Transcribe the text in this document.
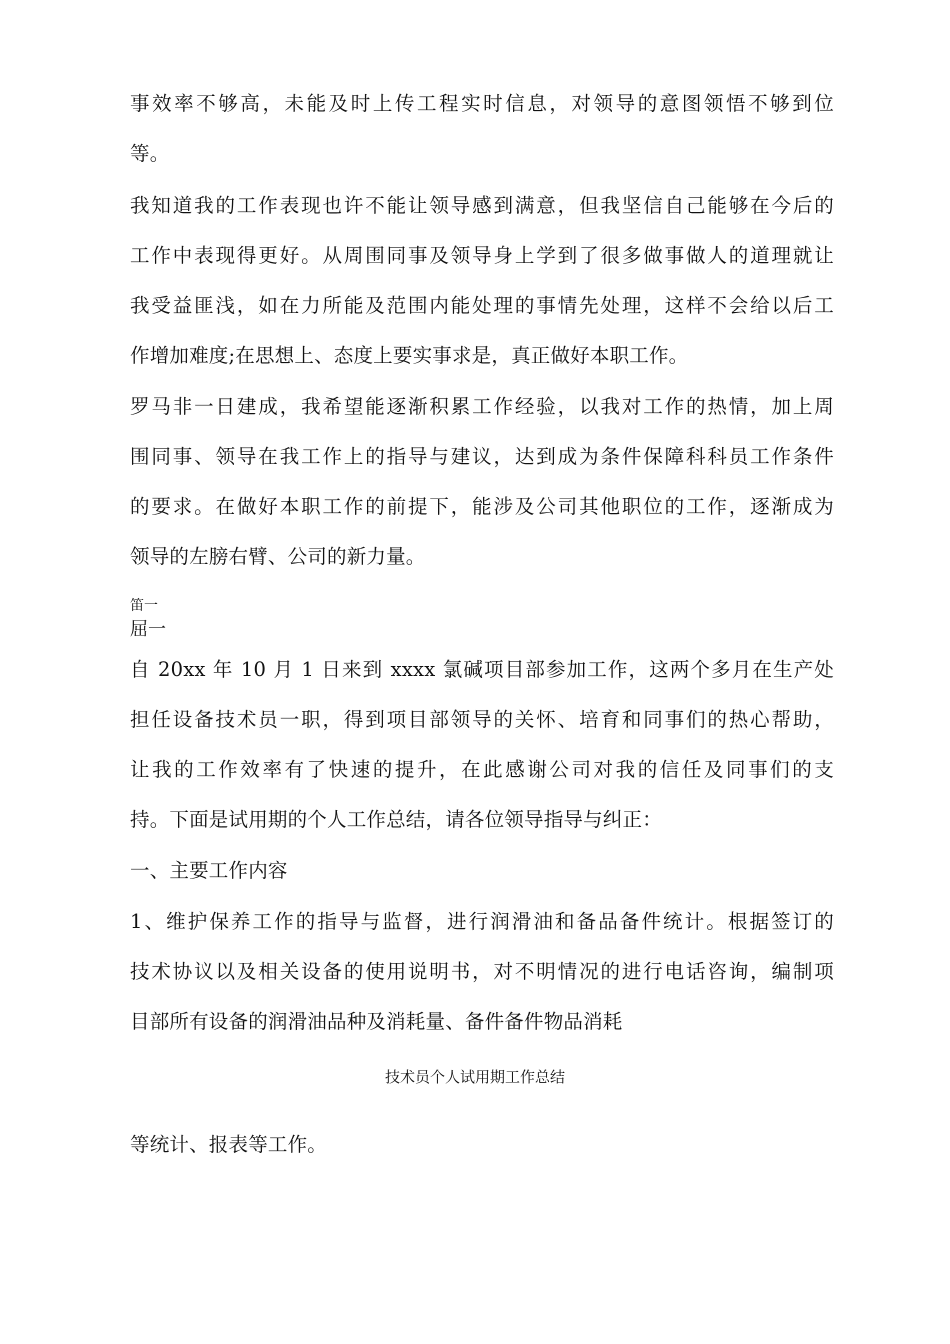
事效率不够高，未能及时上传工程实时信息，对领导的意图领悟不够到位
等。
我知道我的工作表现也许不能让领导感到满意，但我坚信自己能够在今后的
工作中表现得更好。从周围同事及领导身上学到了很多做事做人的道理就让
我受益匪浅，如在力所能及范围内能处理的事情先处理，这样不会给以后工
作增加难度;在思想上、态度上要实事求是，真正做好本职工作。
罗马非一日建成，我希望能逐渐积累工作经验，以我对工作的热情，加上周
围同事、领导在我工作上的指导与建议，达到成为条件保障科科员工作条件
的要求。在做好本职工作的前提下，能涉及公司其他职位的工作，逐渐成为
领导的左膀右臂、公司的新力量。
笛一
屈一
自 20xx 年 10 月 1 日来到 xxxx 氯碱项目部参加工作，这两个多月在生产处
担任设备技术员一职，得到项目部领导的关怀、培育和同事们的热心帮助，
让我的工作效率有了快速的提升，在此感谢公司对我的信任及同事们的支
持。下面是试用期的个人工作总结，请各位领导指导与纠正：
一、主要工作内容
1、维护保养工作的指导与监督，进行润滑油和备品备件统计。根据签订的
技术协议以及相关设备的使用说明书，对不明情况的进行电话咨询，编制项
目部所有设备的润滑油品种及消耗量、备件备件物品消耗
技术员个人试用期工作总结
等统计、报表等工作。
